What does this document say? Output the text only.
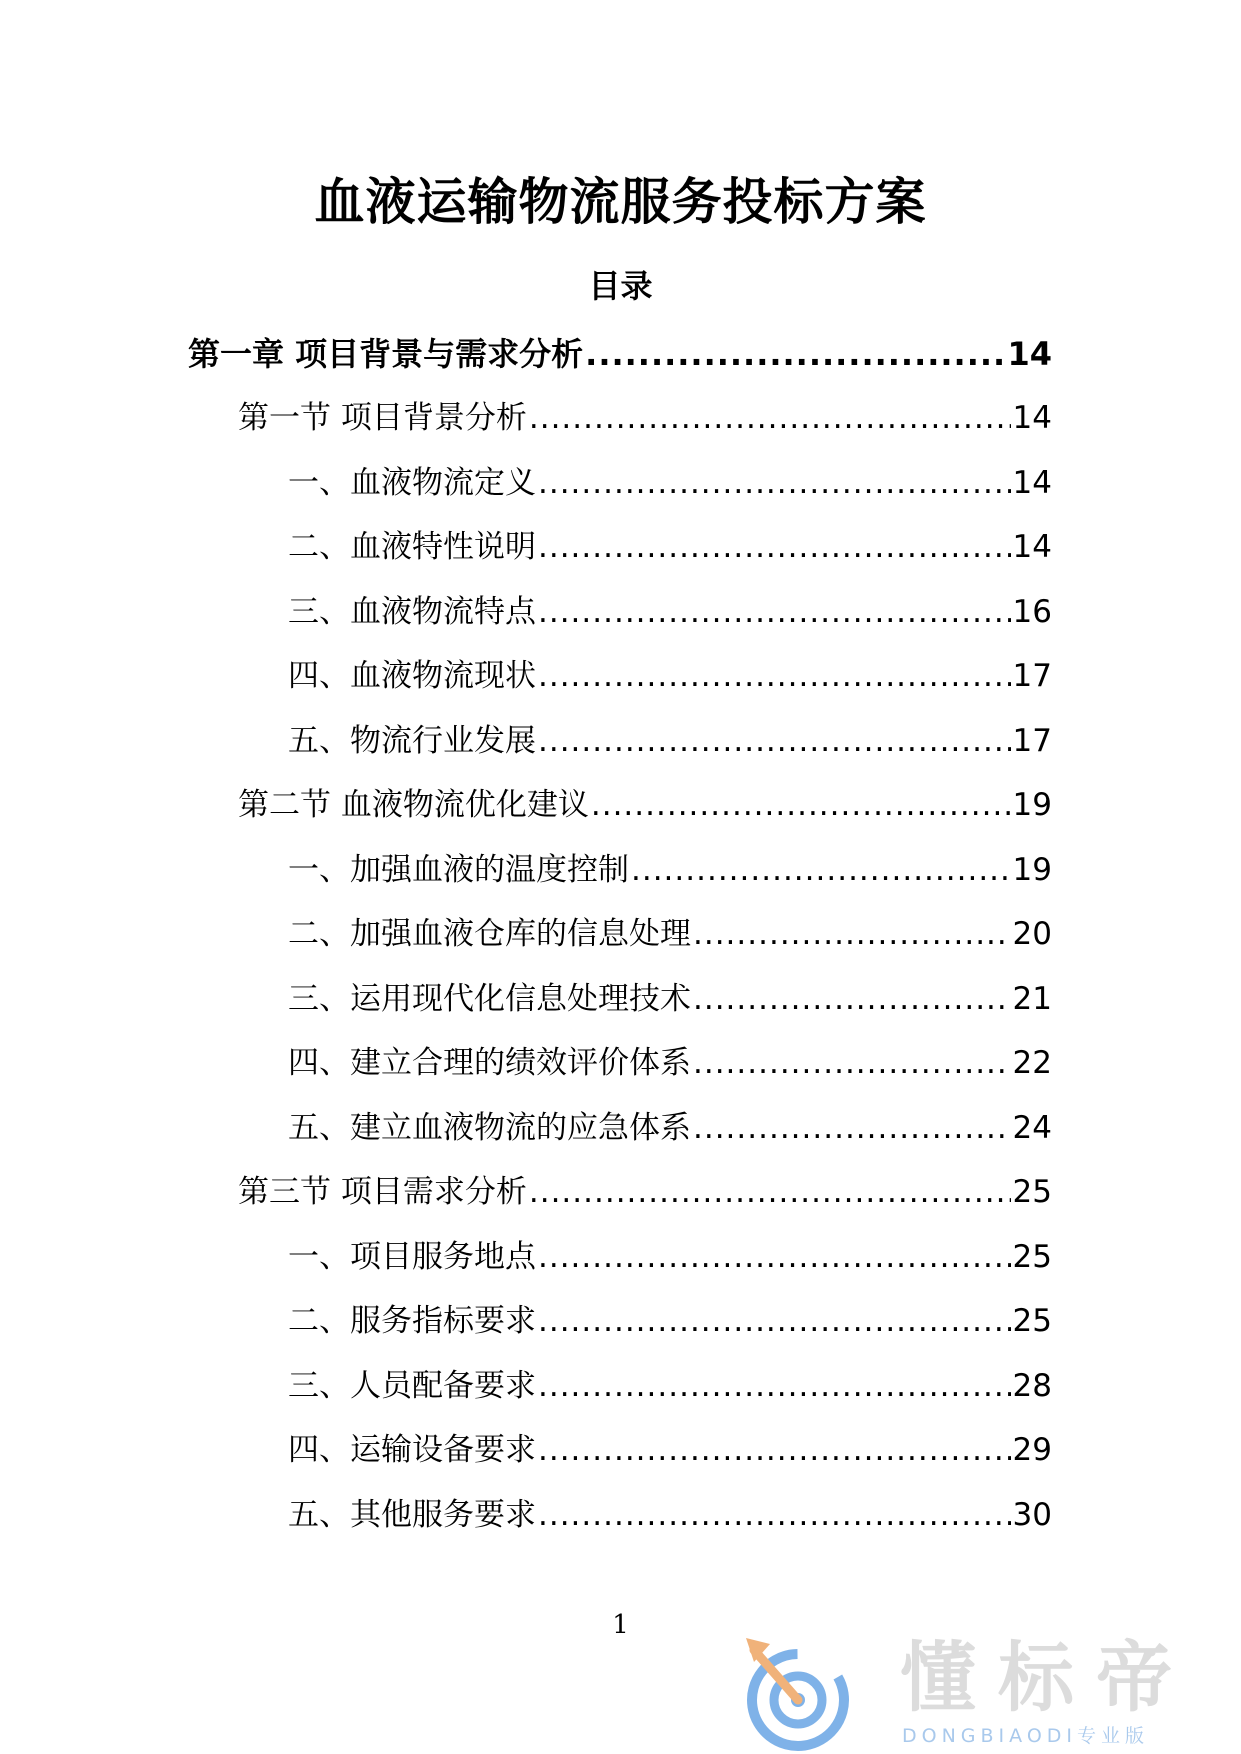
血液运输物流服务投标方案
目录
第一章 项目背景与需求分析 .....	14
第一节 项目背景分析 .....	14
一、血液物流定义 .....	14
二、血液特性说明 .....	14
三、血液物流特点 .....	16
四、血液物流现状 .....	17
五、物流行业发展 .....	17
第二节 血液物流优化建议 .....	19
一、加强血液的温度控制 .....	19
二、加强血液仓库的信息处理 .....	20
三、运用现代化信息处理技术 .....	21
四、建立合理的绩效评价体系 .....	22
五、建立血液物流的应急体系 .....	24
第三节 项目需求分析 .....	25
一、项目服务地点 .....	25
二、服务指标要求 .....	25
三、人员配备要求 .....	28
四、运输设备要求 .....	29
五、其他服务要求 .....	30
1
懂标帝
DONGBIAODI专业版
